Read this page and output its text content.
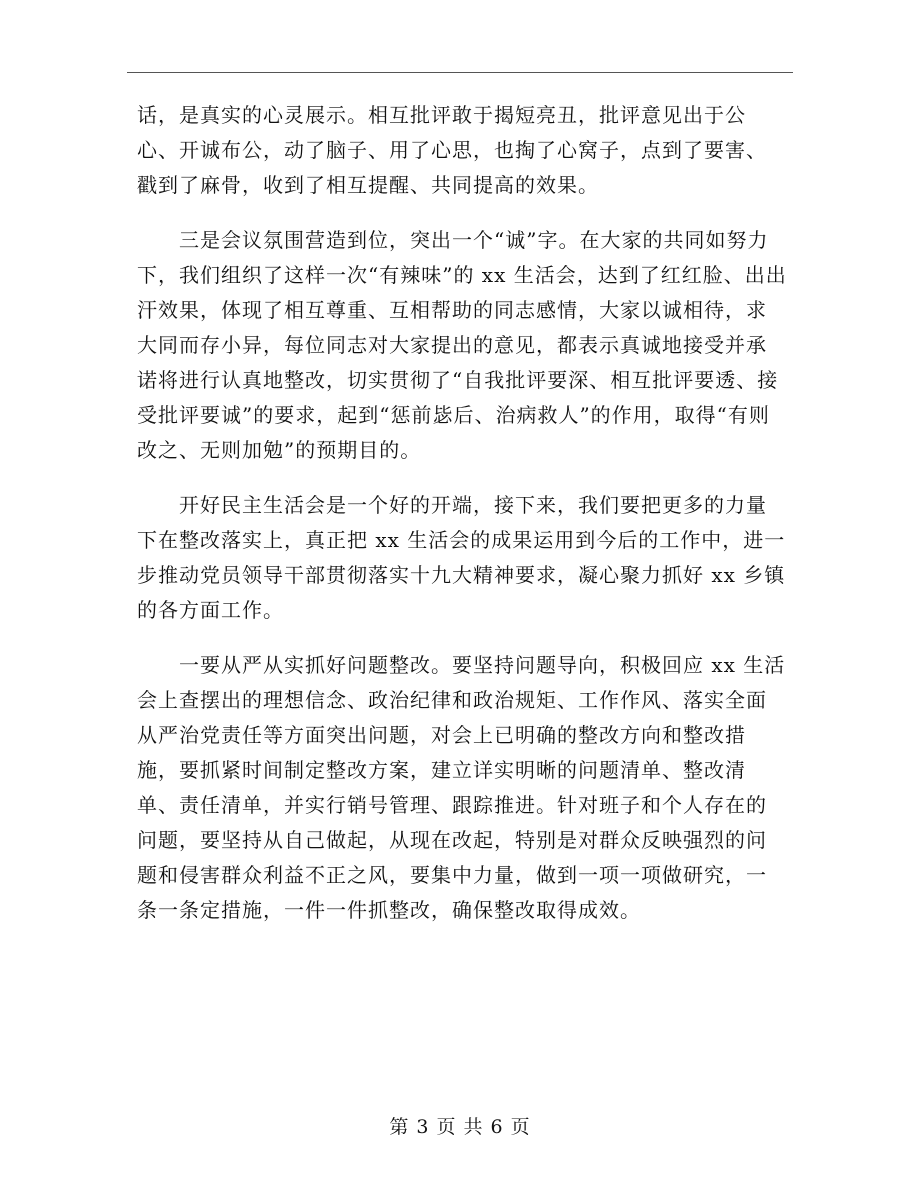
话，是真实的心灵展示。相互批评敢于揭短亮丑，批评意见出于公心、开诚布公，动了脑子、用了心思，也掏了心窝子，点到了要害、戳到了麻骨，收到了相互提醒、共同提高的效果。

三是会议氛围营造到位，突出一个“诚”字。在大家的共同如努力下，我们组织了这样一次“有辣味”的 xx 生活会，达到了红红脸、出出汗效果，体现了相互尊重、互相帮助的同志感情，大家以诚相待，求大同而存小异，每位同志对大家提出的意见，都表示真诚地接受并承诺将进行认真地整改，切实贯彻了“自我批评要深、相互批评要透、接受批评要诚”的要求，起到“惩前毖后、治病救人”的作用，取得“有则改之、无则加勉”的预期目的。

开好民主生活会是一个好的开端，接下来，我们要把更多的力量下在整改落实上，真正把 xx 生活会的成果运用到今后的工作中，进一步推动党员领导干部贯彻落实十九大精神要求，凝心聚力抓好 xx 乡镇的各方面工作。

一要从严从实抓好问题整改。要坚持问题导向，积极回应 xx 生活会上查摆出的理想信念、政治纪律和政治规矩、工作作风、落实全面从严治党责任等方面突出问题，对会上已明确的整改方向和整改措施，要抓紧时间制定整改方案，建立详实明晰的问题清单、整改清单、责任清单，并实行销号管理、跟踪推进。针对班子和个人存在的问题，要坚持从自己做起，从现在改起，特别是对群众反映强烈的问题和侵害群众利益不正之风，要集中力量，做到一项一项做研究，一条一条定措施，一件一件抓整改，确保整改取得成效。

第 3 页 共 6 页
